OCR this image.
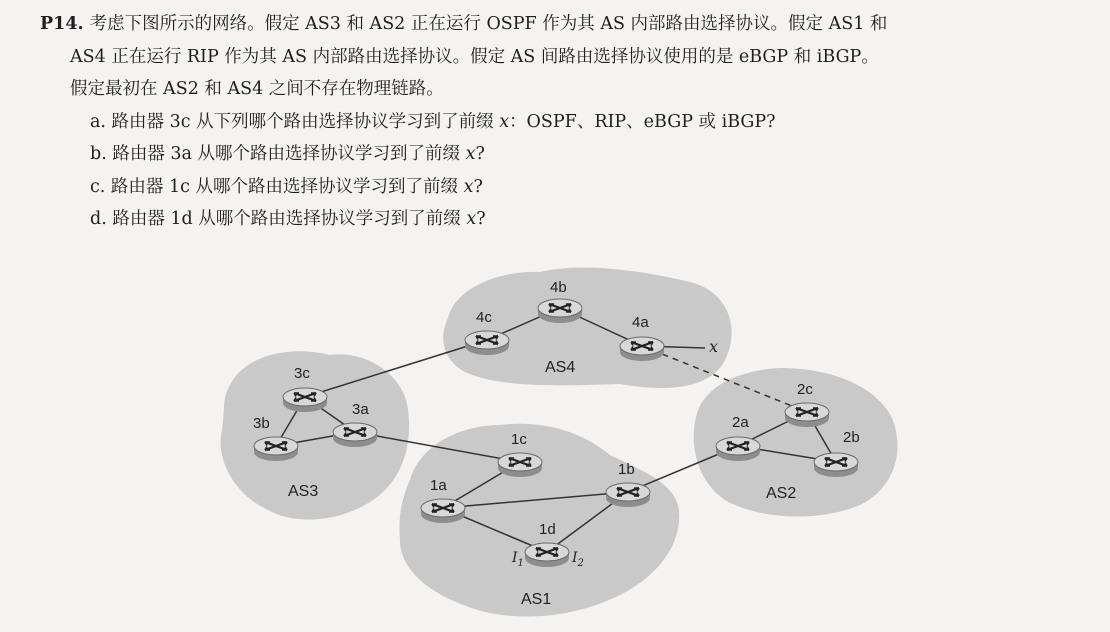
P14. 考虑下图所示的网络。假定 AS3 和 AS2 正在运行 OSPF 作为其 AS 内部路由选择协议。假定 AS1 和
AS4 正在运行 RIP 作为其 AS 内部路由选择协议。假定 AS 间路由选择协议使用的是 eBGP 和 iBGP。
假定最初在 AS2 和 AS4 之间不存在物理链路。
a. 路由器 3c 从下列哪个路由选择协议学习到了前缀 x：OSPF、RIP、eBGP 或 iBGP?
b. 路由器 3a 从哪个路由选择协议学习到了前缀 x?
c. 路由器 1c 从哪个路由选择协议学习到了前缀 x?
d. 路由器 1d 从哪个路由选择协议学习到了前缀 x?
4b
4c	4a
3c
3b
3a
2c
2a
2b
1c
1b
1a
1d
AS4
AS3	AS2
AS1
x
$I_1$	$I_2$
